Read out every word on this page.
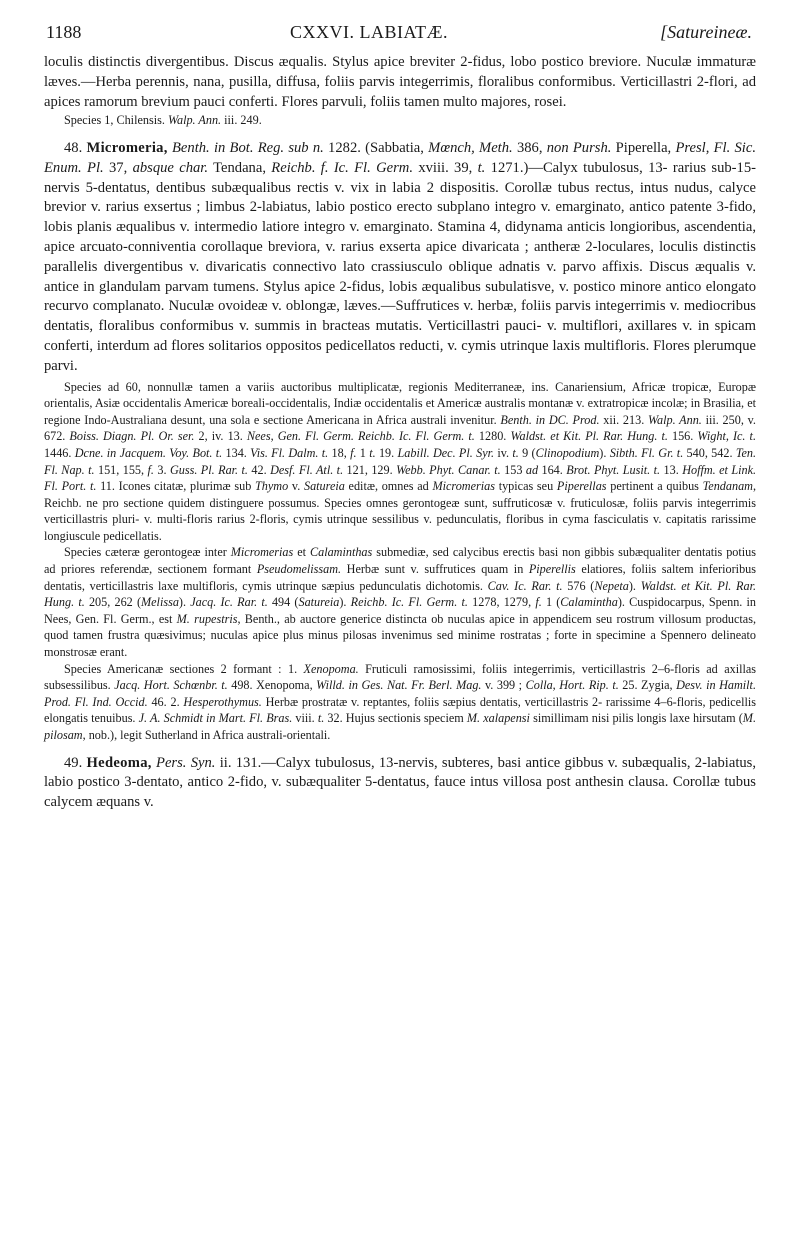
1188	CXXVI. LABIATÆ.	[Satureineæ.

loculis distinctis divergentibus. Discus æqualis. Stylus apice breviter 2-fidus, lobo postico breviore. Nuculæ immaturæ læves.—Herba perennis, nana, pusilla, diffusa, foliis parvis integerrimis, floralibus conformibus. Verticillastri 2-flori, ad apices ramorum brevium pauci conferti. Flores parvuli, foliis tamen multo majores, rosei.

Species 1, Chilensis. Walp. Ann. iii. 249.

48. Micromeria, Benth. in Bot. Reg. sub n. 1282. (Sabbatia, Mœnch, Meth. 386, non Pursh. Piperella, Presl, Fl. Sic. Enum. Pl. 37, absque char. Tendana, Reichb. f. Ic. Fl. Germ. xviii. 39, t. 1271.)—Calyx tubulosus, 13- rarius sub-15-nervis 5-dentatus, dentibus subæqualibus rectis v. vix in labia 2 dispositis. Corollæ tubus rectus, intus nudus, calyce brevior v. rarius exsertus ; limbus 2-labiatus, labio postico erecto subplano integro v. emarginato, antico patente 3-fido, lobis planis æqualibus v. intermedio latiore integro v. emarginato. Stamina 4, didynama anticis longioribus, ascendentia, apice arcuato-conniventia corollaque breviora, v. rarius exserta apice divaricata ; antheræ 2-loculares, loculis distinctis parallelis divergentibus v. divaricatis connectivo lato crassiusculo oblique adnatis v. parvo affixis. Discus æqualis v. antice in glandulam parvam tumens. Stylus apice 2-fidus, lobis æqualibus subulatisve, v. postico minore antico elongato recurvo complanato. Nuculæ ovoideæ v. oblongæ, læves.—Suffrutices v. herbæ, foliis parvis integerrimis v. mediocribus dentatis, floralibus conformibus v. summis in bracteas mutatis. Verticillastri pauci- v. multiflori, axillares v. in spicam conferti, interdum ad flores solitarios oppositos pedicellatos reducti, v. cymis utrinque laxis multifloris. Flores plerumque parvi.

Species ad 60, nonnullæ tamen a variis auctoribus multiplicatæ, regionis Mediterraneæ, ins. Canariensium, Africæ tropicæ, Europæ orientalis, Asiæ occidentalis Americæ boreali-occidentalis, Indiæ occidentalis et Americæ australis montanæ v. extratropicæ incolæ; in Brasilia, et regione Indo-Australiana desunt, una sola e sectione Americana in Africa australi invenitur. Benth. in DC. Prod. xii. 213. Walp. Ann. iii. 250, v. 672. Boiss. Diagn. Pl. Or. ser. 2, iv. 13. Nees, Gen. Fl. Germ. Reichb. Ic. Fl. Germ. t. 1280. Waldst. et Kit. Pl. Rar. Hung. t. 156. Wight, Ic. t. 1446. Dcne. in Jacquem. Voy. Bot. t. 134. Vis. Fl. Dalm. t. 18, f. 1 t. 19. Labill. Dec. Pl. Syr. iv. t. 9 (Clinopodium). Sibth. Fl. Gr. t. 540, 542. Ten. Fl. Nap. t. 151, 155, f. 3. Guss. Pl. Rar. t. 42. Desf. Fl. Atl. t. 121, 129. Webb. Phyt. Canar. t. 153 ad 164. Brot. Phyt. Lusit. t. 13. Hoffm. et Link. Fl. Port. t. 11. Icones citatæ, plurimæ sub Thymo v. Satureia editæ, omnes ad Micromerias typicas seu Piperellas pertinent a quibus Tendanam, Reichb. ne pro sectione quidem distinguere possumus. Species omnes gerontogeæ sunt, suffruticosæ v. fruticulosæ, foliis parvis integerrimis verticillastris pluri- v. multi-floris rarius 2-floris, cymis utrinque sessilibus v. pedunculatis, floribus in cyma fasciculatis v. capitatis rarissime longiuscule pedicellatis.

Species cæteræ gerontogeæ inter Micromerias et Calaminthas submediæ, sed calycibus erectis basi non gibbis subæqualiter dentatis potius ad priores referendæ, sectionem formant Pseudomelissam. Herbæ sunt v. suffrutices quam in Piperellis elatiores, foliis saltem inferioribus dentatis, verticillastris laxe multifloris, cymis utrinque sæpius pedunculatis dichotomis. Cav. Ic. Rar. t. 576 (Nepeta). Waldst. et Kit. Pl. Rar. Hung. t. 205, 262 (Melissa). Jacq. Ic. Rar. t. 494 (Satureia). Reichb. Ic. Fl. Germ. t. 1278, 1279, f. 1 (Calamintha). Cuspidocarpus, Spenn. in Nees, Gen. Fl. Germ., est M. rupestris, Benth., ab auctore generice distincta ob nuculas apice in appendicem seu rostrum villosum productas, quod tamen frustra quæsivimus; nuculas apice plus minus pilosas invenimus sed minime rostratas ; forte in specimine a Spennero delineato monstrosæ erant.

Species Americanæ sectiones 2 formant : 1. Xenopoma. Fruticuli ramosissimi, foliis integerrimis, verticillastris 2–6-floris ad axillas subsessilibus. Jacq. Hort. Schœnbr. t. 498. Xenopoma, Willd. in Ges. Nat. Fr. Berl. Mag. v. 399 ; Colla, Hort. Rip. t. 25. Zygia, Desv. in Hamilt. Prod. Fl. Ind. Occid. 46. 2. Hesperothymus. Herbæ prostratæ v. reptantes, foliis sæpius dentatis, verticillastris 2- rarissime 4–6-floris, pedicellis elongatis tenuibus. J. A. Schmidt in Mart. Fl. Bras. viii. t. 32. Hujus sectionis speciem M. xalapensi simillimam nisi pilis longis laxe hirsutam (M. pilosam, nob.), legit Sutherland in Africa australi-orientali.

49. Hedeoma, Pers. Syn. ii. 131.—Calyx tubulosus, 13-nervis, subteres, basi antice gibbus v. subæqualis, 2-labiatus, labio postico 3-dentato, antico 2-fido, v. subæqualiter 5-dentatus, fauce intus villosa post anthesin clausa. Corollæ tubus calycem æquans v.
